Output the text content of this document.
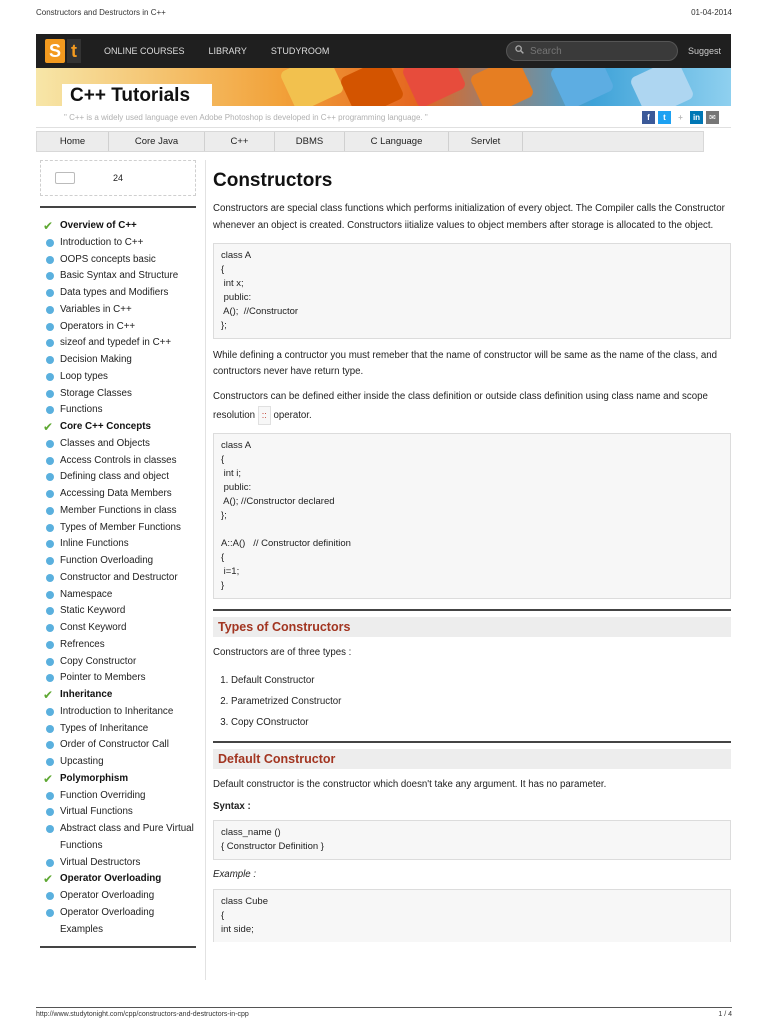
Constructors and Destructors in C++	01-04-2014
S t	ONLINE COURSES	LIBRARY	STUDYROOM
Search	Suggest
C++ Tutorials
" C++ is a widely used language even Adobe Photoshop is developed in C++ programming language. "	f	t	+	in	✉
Home	Core Java	C++	DBMS	C Language	Servlet
24
✔ Overview of C++
Introduction to C++
OOPS concepts basic
Basic Syntax and Structure
Data types and Modifiers
Variables in C++
Operators in C++
sizeof and typedef in C++
Decision Making
Loop types
Storage Classes
Functions
✔ Core C++ Concepts
Classes and Objects
Access Controls in classes
Defining class and object
Accessing Data Members
Member Functions in class
Types of Member Functions
Inline Functions
Function Overloading
Constructor and Destructor
Namespace
Static Keyword
Const Keyword
Refrences
Copy Constructor
Pointer to Members
✔ Inheritance
Introduction to Inheritance
Types of Inheritance
Order of Constructor Call
Upcasting
✔ Polymorphism
Function Overriding
Virtual Functions
Abstract class and Pure Virtual Functions
Virtual Destructors
✔ Operator Overloading
Operator Overloading
Operator Overloading Examples
Constructors

Constructors are special class functions which performs initialization of every object. The Compiler calls the Constructor whenever an object is created. Constructors iitialize values to object members after storage is allocated to the object.

class A
{
int x;
public:
A();  //Constructor
};

While defining a contructor you must remeber that the name of constructor will be same as the name of the class, and contructors never have return type.

Constructors can be defined either inside the class definition or outside class definition using class name and scope resolution :: operator.

class A
{
int i;
public:
A(); //Constructor declared
};

A::A()   // Constructor definition
{
i=1;
}
Types of Constructors

Constructors are of three types :

1. Default Constructor
2. Parametrized Constructor
3. Copy COnstructor
Default Constructor

Default constructor is the constructor which doesn't take any argument. It has no parameter.

Syntax :
class_name ()
{ Constructor Definition }
Example :
class Cube
{
int side;
http://www.studytonight.com/cpp/constructors-and-destructors-in-cpp	1 / 4
